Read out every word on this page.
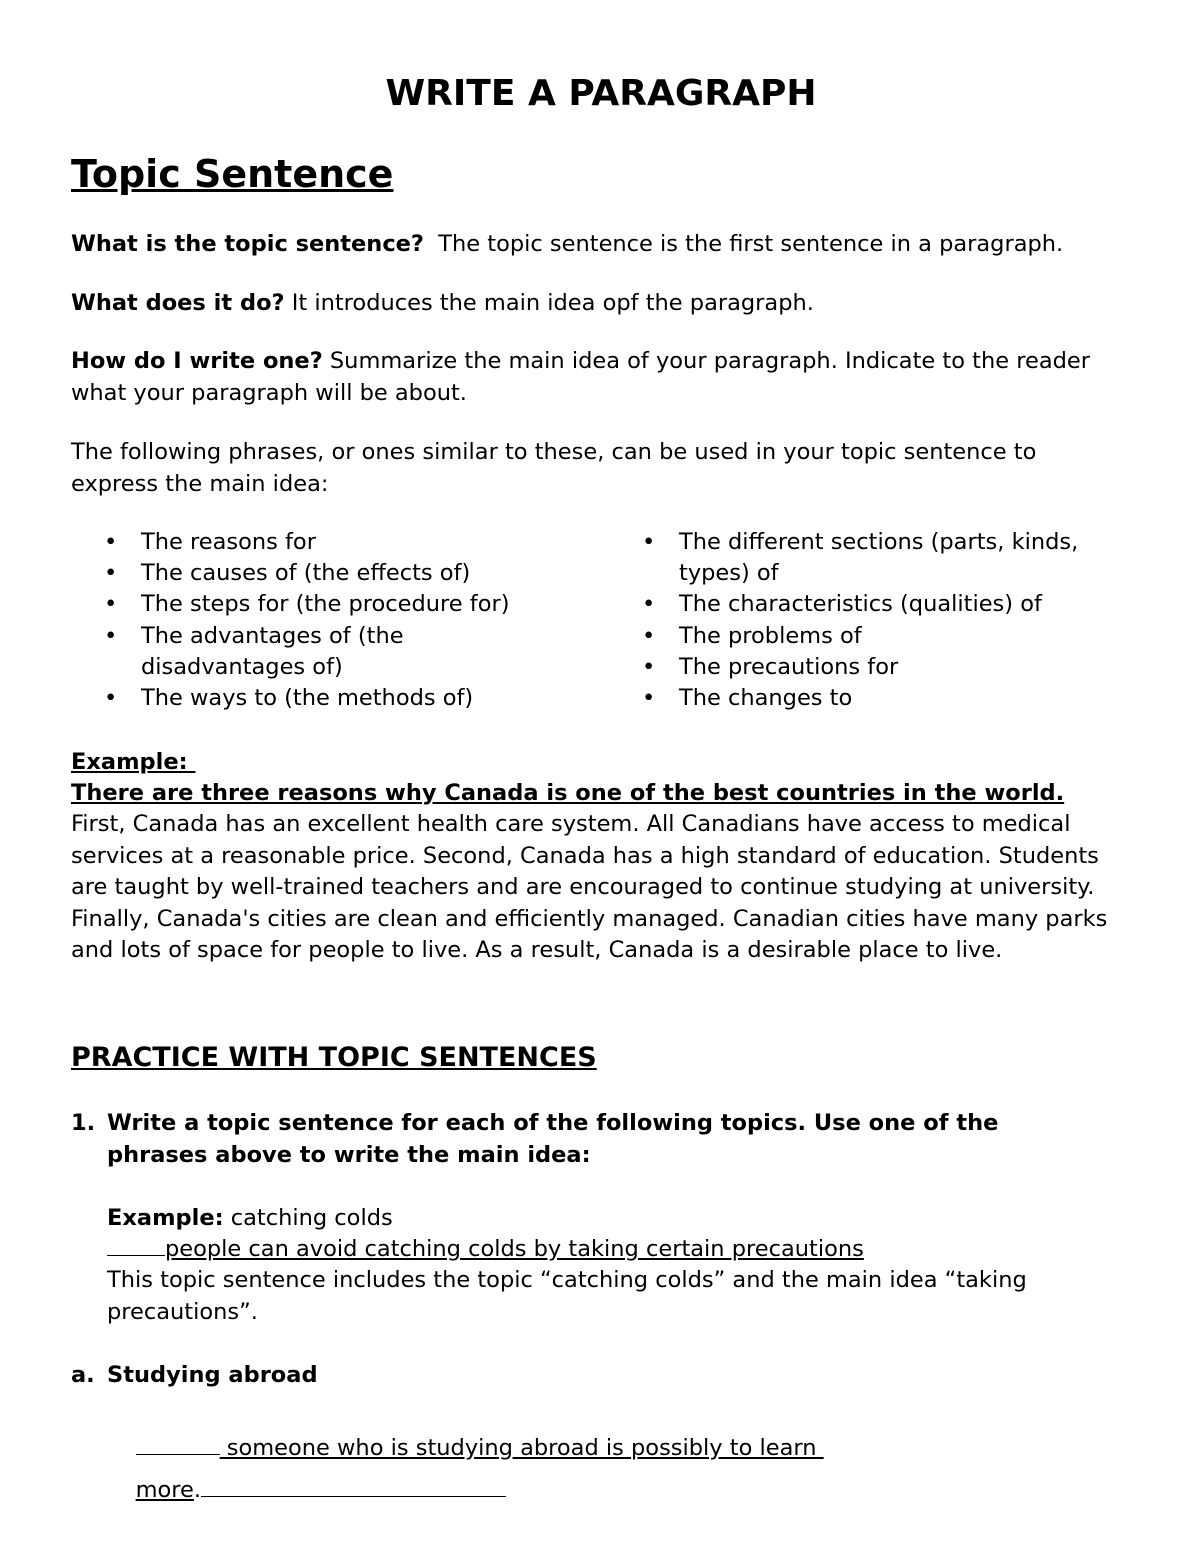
WRITE A PARAGRAPH
Topic Sentence
What is the topic sentence?  The topic sentence is the first sentence in a paragraph.
What does it do? It introduces the main idea opf the paragraph.
How do I write one? Summarize the main idea of your paragraph. Indicate to the reader what your paragraph will be about.
The following phrases, or ones similar to these, can be used in your topic sentence to express the main idea:
• The reasons for
• The causes of (the effects of)
• The steps for (the procedure for)
• The advantages of (the
disadvantages of)
• The ways to (the methods of)
• The different sections (parts, kinds,
types) of
• The characteristics (qualities) of
• The problems of
• The precautions for
• The changes to
Example:
There are three reasons why Canada is one of the best countries in the world.
First, Canada has an excellent health care system. All Canadians have access to medical services at a reasonable price. Second, Canada has a high standard of education. Students are taught by well-trained teachers and are encouraged to continue studying at university. Finally, Canada's cities are clean and efficiently managed. Canadian cities have many parks and lots of space for people to live. As a result, Canada is a desirable place to live.
PRACTICE WITH TOPIC SENTENCES
1. Write a topic sentence for each of the following topics. Use one of the phrases above to write the main idea:
Example: catching colds
people can avoid catching colds by taking certain precautions
This topic sentence includes the topic “catching colds” and the main idea “taking precautions”.
a. Studying abroad

someone who is studying abroad is possibly to learn

more.
